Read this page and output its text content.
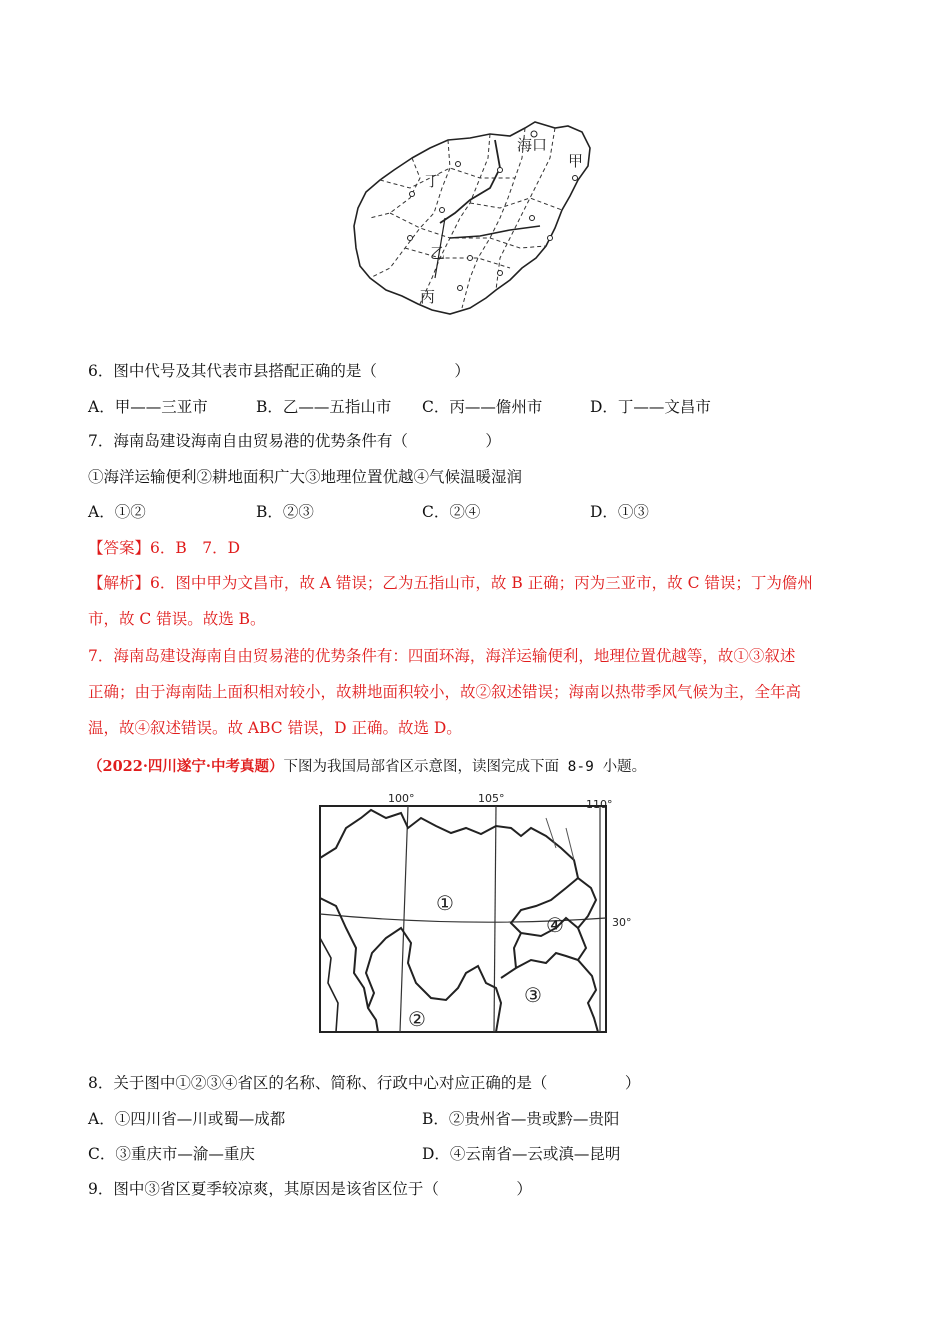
海口
甲
丁
乙
丙
6．图中代号及其代表市县搭配正确的是（　　　　　）
A．甲——三亚市	B．乙——五指山市 C．丙——儋州市	D．丁——文昌市
7．海南岛建设海南自由贸易港的优势条件有（　　　　　）
①海洋运输便利②耕地面积广大③地理位置优越④气候温暖湿润
A．①②	B．②③	C．②④	D．①③
【答案】6．B　7．D
【解析】6．图中甲为文昌市，故 A 错误；乙为五指山市，故 B 正确；丙为三亚市，故 C 错误；丁为儋州
市，故 C 错误。故选 B。
7．海南岛建设海南自由贸易港的优势条件有：四面环海，海洋运输便利，地理位置优越等，故①③叙述
正确；由于海南陆上面积相对较小，故耕地面积较小，故②叙述错误；海南以热带季风气候为主，全年高
温，故④叙述错误。故 ABC 错误，D 正确。故选 D。
（2022·四川遂宁·中考真题）下图为我国局部省区示意图，读图完成下面 8-9 小题。
100°	105°	110°
30°
①
②
③
④
8．关于图中①②③④省区的名称、简称、行政中心对应正确的是（　　　　　）
A．①四川省—川或蜀—成都	B．②贵州省—贵或黔—贵阳
C．③重庆市—渝—重庆	D．④云南省—云或滇—昆明
9．图中③省区夏季较凉爽，其原因是该省区位于（　　　　　）
